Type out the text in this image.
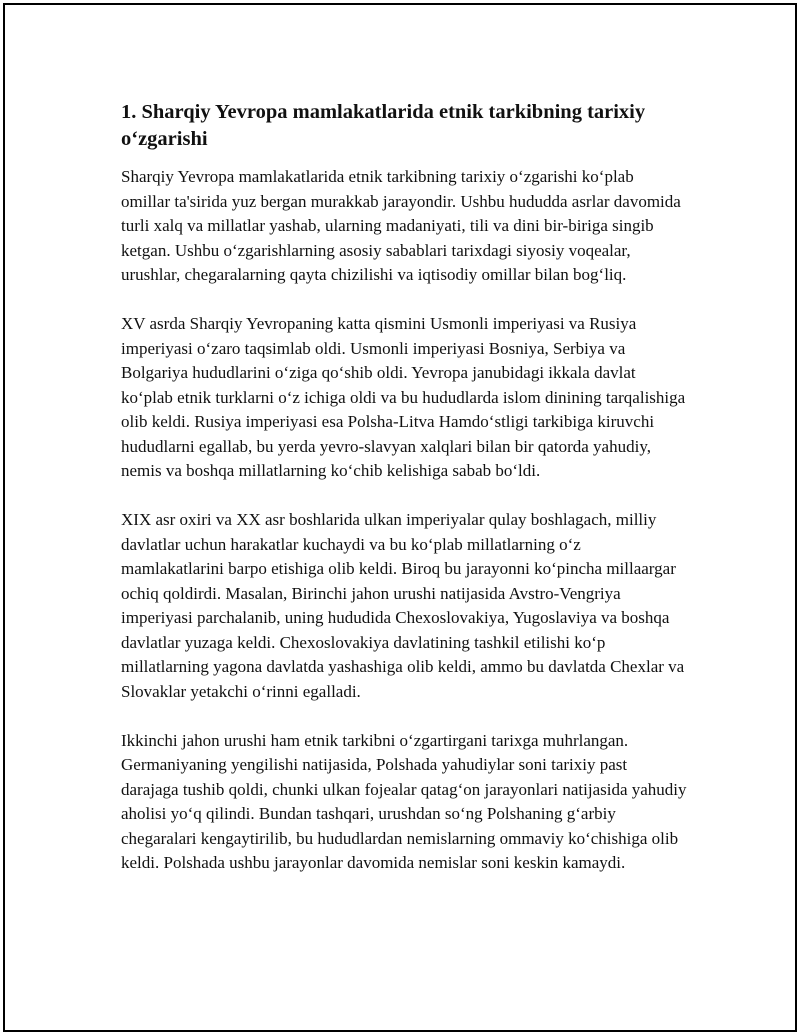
1. Sharqiy Yevropa mamlakatlarida etnik tarkibning tarixiy o‘zgarishi

Sharqiy Yevropa mamlakatlarida etnik tarkibning tarixiy o‘zgarishi ko‘plab omillar ta'sirida yuz bergan murakkab jarayondir. Ushbu hududda asrlar davomida turli xalq va millatlar yashab, ularning madaniyati, tili va dini bir-biriga singib ketgan. Ushbu o‘zgarishlarning asosiy sabablari tarixdagi siyosiy voqealar, urushlar, chegaralarning qayta chizilishi va iqtisodiy omillar bilan bog‘liq.

XV asrda Sharqiy Yevropaning katta qismini Usmonli imperiyasi va Rusiya imperiyasi o‘zaro taqsimlab oldi. Usmonli imperiyasi Bosniya, Serbiya va Bolgariya hududlarini o‘ziga qo‘shib oldi. Yevropa janubidagi ikkala davlat ko‘plab etnik turklarni o‘z ichiga oldi va bu hududlarda islom dinining tarqalishiga olib keldi. Rusiya imperiyasi esa Polsha-Litva Hamdo‘stligi tarkibiga kiruvchi hududlarni egallab, bu yerda yevro-slavyan xalqlari bilan bir qatorda yahudiy, nemis va boshqa millatlarning ko‘chib kelishiga sabab bo‘ldi.

XIX asr oxiri va XX asr boshlarida ulkan imperiyalar qulay boshlagach, milliy davlatlar uchun harakatlar kuchaydi va bu ko‘plab millatlarning o‘z mamlakatlarini barpo etishiga olib keldi. Biroq bu jarayonni ko‘pincha millaargar ochiq qoldirdi. Masalan, Birinchi jahon urushi natijasida Avstro-Vengriya imperiyasi parchalanib, uning hududida Chexoslovakiya, Yugoslaviya va boshqa davlatlar yuzaga keldi. Chexoslovakiya davlatining tashkil etilishi ko‘p millatlarning yagona davlatda yashashiga olib keldi, ammo bu davlatda Chexlar va Slovaklar yetakchi o‘rinni egalladi.

Ikkinchi jahon urushi ham etnik tarkibni o‘zgartirgani tarixga muhrlangan. Germaniyaning yengilishi natijasida, Polshada yahudiylar soni tarixiy past darajaga tushib qoldi, chunki ulkan fojealar qatag‘on jarayonlari natijasida yahudiy aholisi yo‘q qilindi. Bundan tashqari, urushdan so‘ng Polshaning g‘arbiy chegaralari kengaytirilib, bu hududlardan nemislarning ommaviy ko‘chishiga olib keldi. Polshada ushbu jarayonlar davomida nemislar soni keskin kamaydi.
